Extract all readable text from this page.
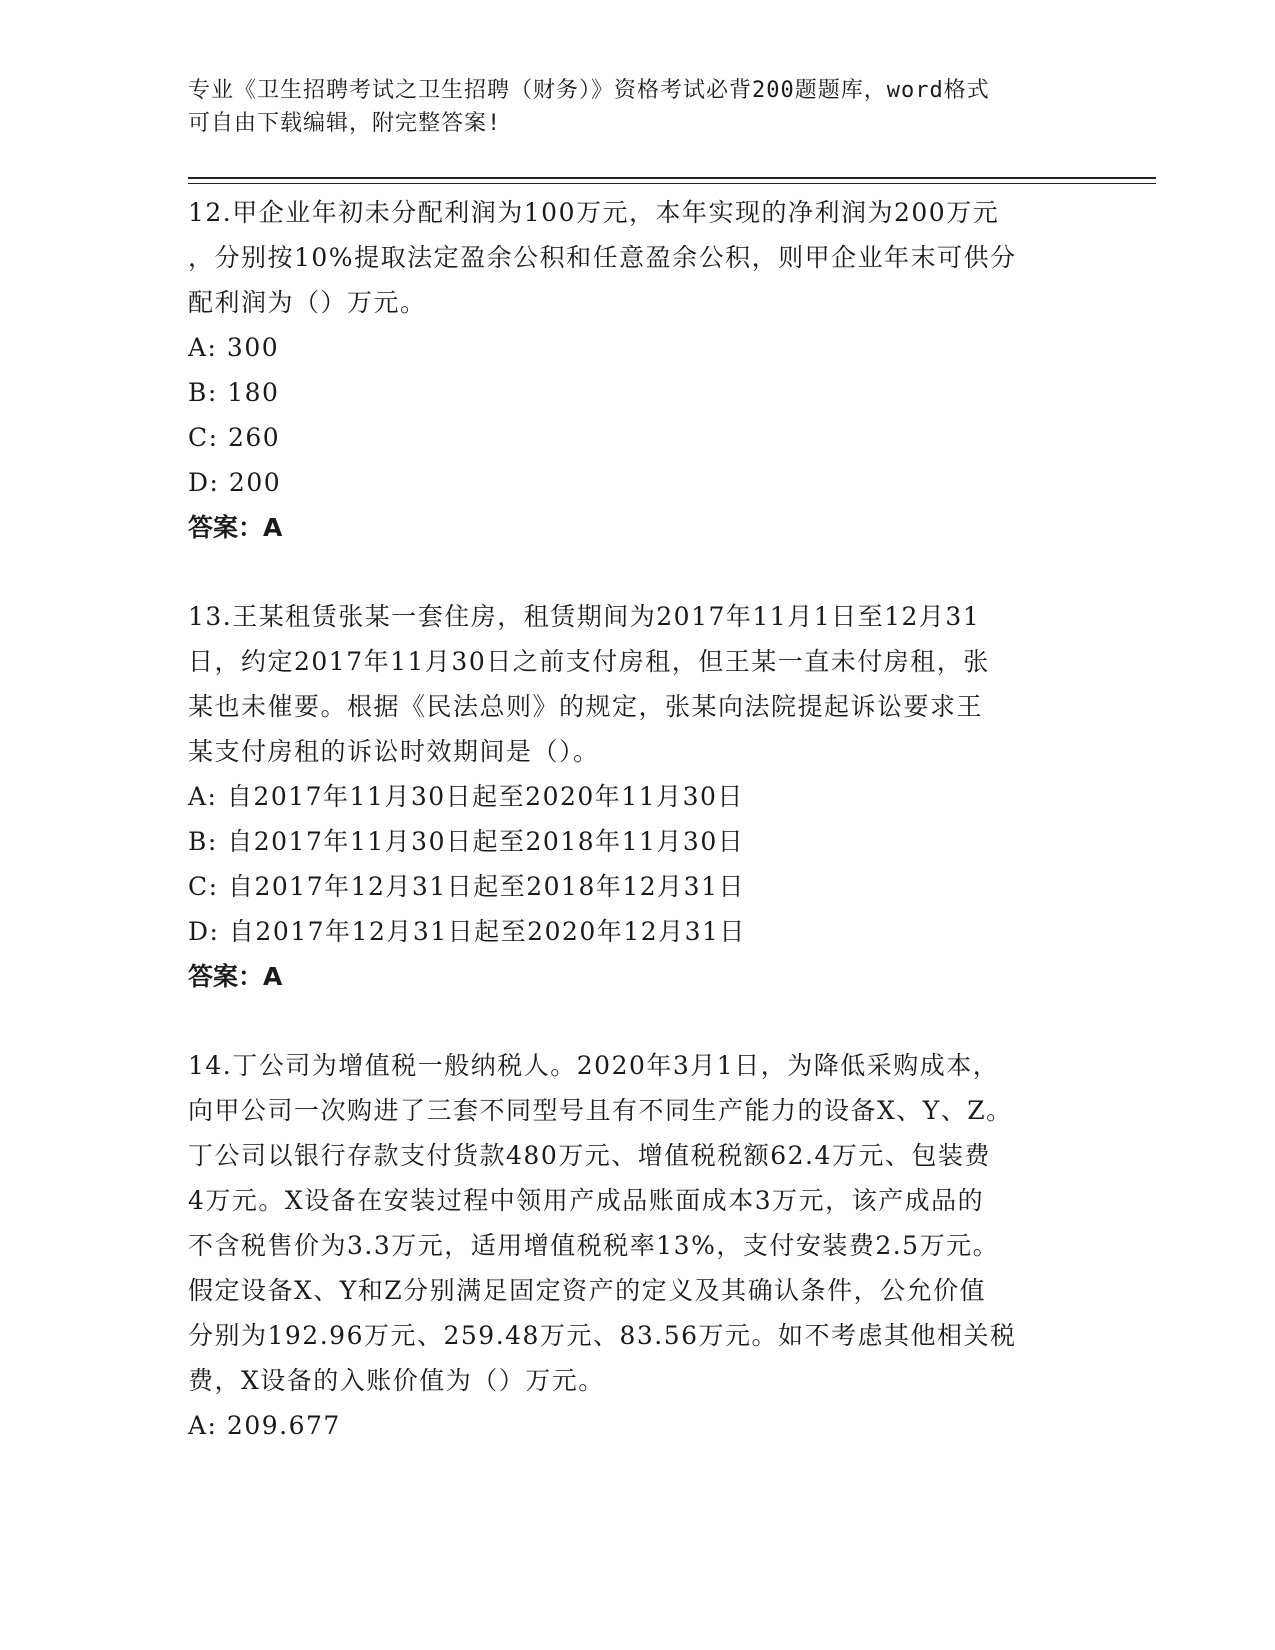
专业《卫生招聘考试之卫生招聘（财务）》资格考试必背200题题库，word格式
可自由下载编辑，附完整答案!
12.甲企业年初未分配利润为100万元，本年实现的净利润为200万元
，分别按10%提取法定盈余公积和任意盈余公积，则甲企业年末可供分
配利润为（）万元。
A: 300
B: 180
C: 260
D: 200
答案：A
13.王某租赁张某一套住房，租赁期间为2017年11月1日至12月31
日，约定2017年11月30日之前支付房租，但王某一直未付房租，张
某也未催要。根据《民法总则》的规定，张某向法院提起诉讼要求王
某支付房租的诉讼时效期间是（）。
A: 自2017年11月30日起至2020年11月30日
B: 自2017年11月30日起至2018年11月30日
C: 自2017年12月31日起至2018年12月31日
D: 自2017年12月31日起至2020年12月31日
答案：A
14.丁公司为增值税一般纳税人。2020年3月1日，为降低采购成本，
向甲公司一次购进了三套不同型号且有不同生产能力的设备X、Y、Z。
丁公司以银行存款支付货款480万元、增值税税额62.4万元、包装费
4万元。X设备在安装过程中领用产成品账面成本3万元，该产成品的
不含税售价为3.3万元，适用增值税税率13%，支付安装费2.5万元。
假定设备X、Y和Z分别满足固定资产的定义及其确认条件，公允价值
分别为192.96万元、259.48万元、83.56万元。如不考虑其他相关税
费，X设备的入账价值为（）万元。
A: 209.677
